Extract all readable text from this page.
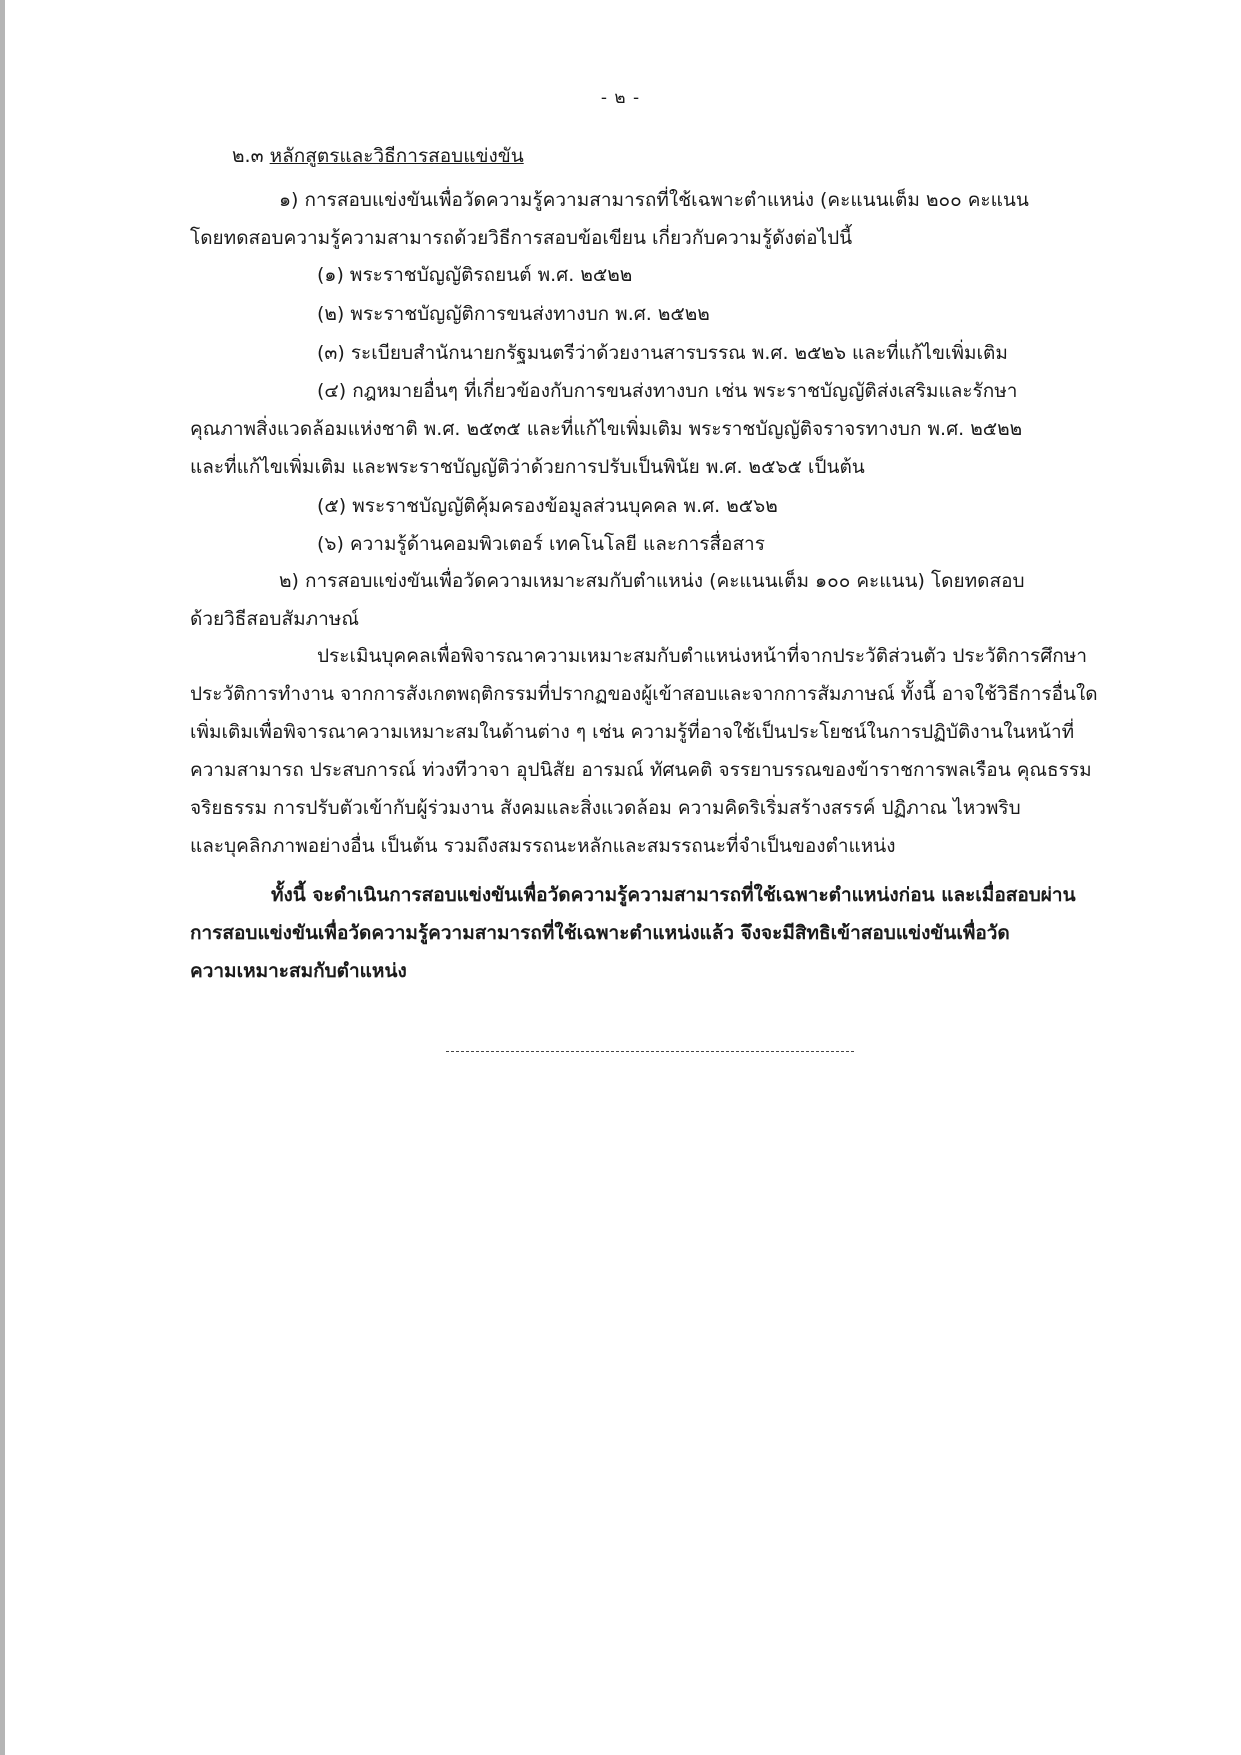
- ๒ -
๒.๓ หลักสูตรและวิธีการสอบแข่งขัน
๑) การสอบแข่งขันเพื่อวัดความรู้ความสามารถที่ใช้เฉพาะตำแหน่ง (คะแนนเต็ม ๒๐๐ คะแนน
โดยทดสอบความรู้ความสามารถด้วยวิธีการสอบข้อเขียน เกี่ยวกับความรู้ดังต่อไปนี้
(๑) พระราชบัญญัติรถยนต์ พ.ศ. ๒๕๒๒
(๒) พระราชบัญญัติการขนส่งทางบก พ.ศ. ๒๕๒๒
(๓) ระเบียบสำนักนายกรัฐมนตรีว่าด้วยงานสารบรรณ พ.ศ. ๒๕๒๖ และที่แก้ไขเพิ่มเติม
(๔) กฎหมายอื่นๆ ที่เกี่ยวข้องกับการขนส่งทางบก เช่น พระราชบัญญัติส่งเสริมและรักษา
คุณภาพสิ่งแวดล้อมแห่งชาติ พ.ศ. ๒๕๓๕ และที่แก้ไขเพิ่มเติม พระราชบัญญัติจราจรทางบก พ.ศ. ๒๕๒๒
และที่แก้ไขเพิ่มเติม และพระราชบัญญัติว่าด้วยการปรับเป็นพินัย พ.ศ. ๒๕๖๕ เป็นต้น
(๕) พระราชบัญญัติคุ้มครองข้อมูลส่วนบุคคล พ.ศ. ๒๕๖๒
(๖) ความรู้ด้านคอมพิวเตอร์ เทคโนโลยี และการสื่อสาร
๒) การสอบแข่งขันเพื่อวัดความเหมาะสมกับตำแหน่ง (คะแนนเต็ม ๑๐๐ คะแนน) โดยทดสอบ
ด้วยวิธีสอบสัมภาษณ์
ประเมินบุคคลเพื่อพิจารณาความเหมาะสมกับตำแหน่งหน้าที่จากประวัติส่วนตัว ประวัติการศึกษา
ประวัติการทำงาน จากการสังเกตพฤติกรรมที่ปรากฏของผู้เข้าสอบและจากการสัมภาษณ์ ทั้งนี้ อาจใช้วิธีการอื่นใด
เพิ่มเติมเพื่อพิจารณาความเหมาะสมในด้านต่าง ๆ เช่น ความรู้ที่อาจใช้เป็นประโยชน์ในการปฏิบัติงานในหน้าที่
ความสามารถ ประสบการณ์ ท่วงทีวาจา อุปนิสัย อารมณ์ ทัศนคติ จรรยาบรรณของข้าราชการพลเรือน คุณธรรม
จริยธรรม การปรับตัวเข้ากับผู้ร่วมงาน สังคมและสิ่งแวดล้อม ความคิดริเริ่มสร้างสรรค์ ปฏิภาณ ไหวพริบ
และบุคลิกภาพอย่างอื่น เป็นต้น รวมถึงสมรรถนะหลักและสมรรถนะที่จำเป็นของตำแหน่ง
ทั้งนี้ จะดำเนินการสอบแข่งขันเพื่อวัดความรู้ความสามารถที่ใช้เฉพาะตำแหน่งก่อน และเมื่อสอบผ่าน
การสอบแข่งขันเพื่อวัดความรู้ความสามารถที่ใช้เฉพาะตำแหน่งแล้ว จึงจะมีสิทธิเข้าสอบแข่งขันเพื่อวัด
ความเหมาะสมกับตำแหน่ง
